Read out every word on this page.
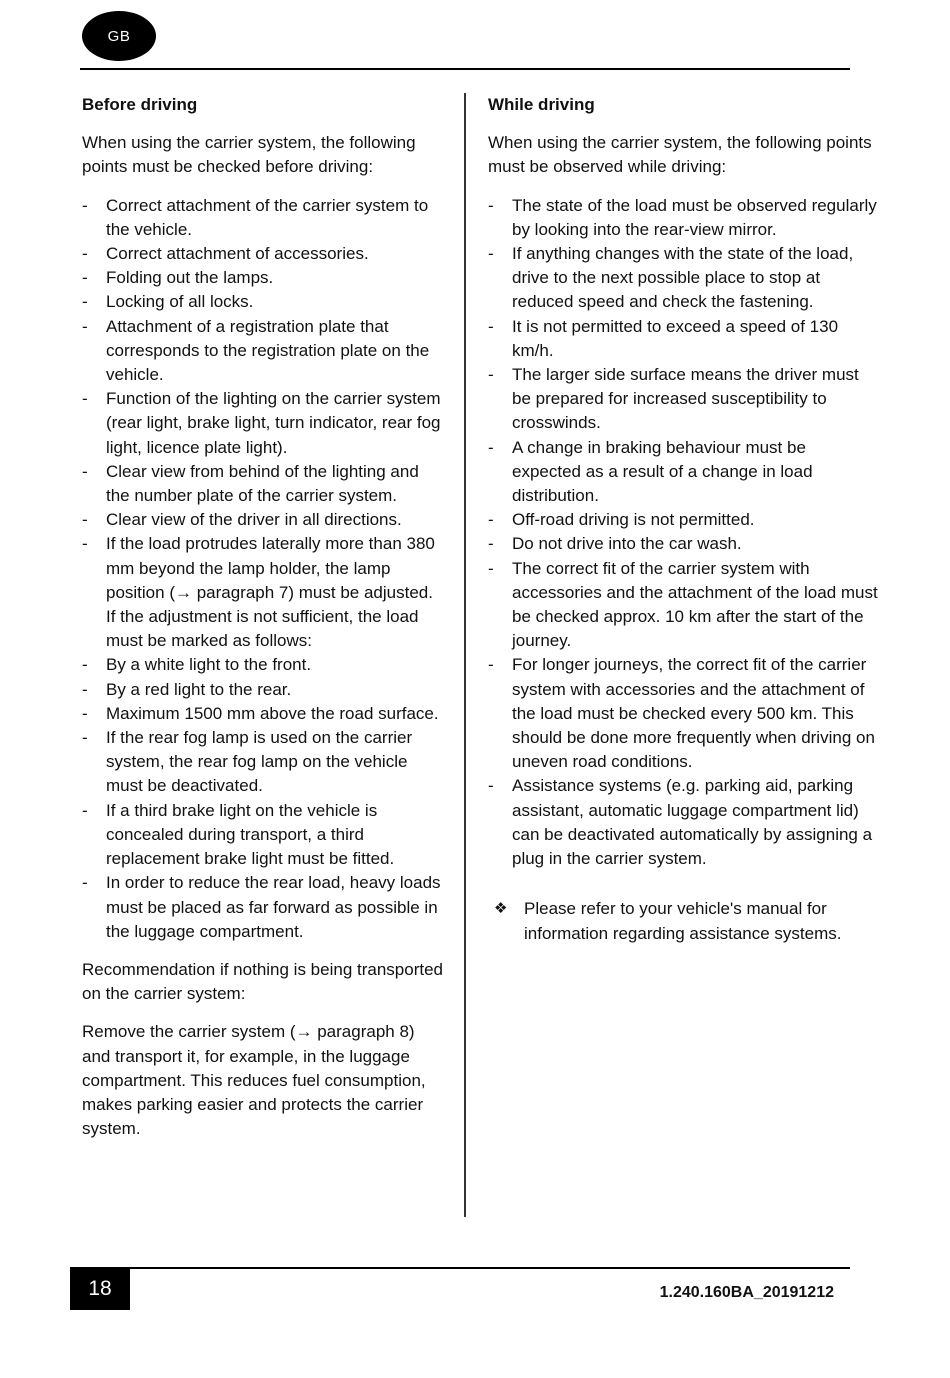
GB
Before driving

When using the carrier system, the following points must be checked before driving:

- Correct attachment of the carrier system to the vehicle.
- Correct attachment of accessories.
- Folding out the lamps.
- Locking of all locks.
- Attachment of a registration plate that corresponds to the registration plate on the vehicle.
- Function of the lighting on the carrier system (rear light, brake light, turn indicator, rear fog light, licence plate light).
- Clear view from behind of the lighting and the number plate of the carrier system.
- Clear view of the driver in all directions.
- If the load protrudes laterally more than 380 mm beyond the lamp holder, the lamp position (→ paragraph 7) must be adjusted. If the adjustment is not sufficient, the load must be marked as follows:
- By a white light to the front.
- By a red light to the rear.
- Maximum 1500 mm above the road surface.
- If the rear fog lamp is used on the carrier system, the rear fog lamp on the vehicle must be deactivated.
- If a third brake light on the vehicle is concealed during transport, a third replacement brake light must be fitted.
- In order to reduce the rear load, heavy loads must be placed as far forward as possible in the luggage compartment.

Recommendation if nothing is being transported on the carrier system:

Remove the carrier system (→ paragraph 8) and transport it, for example, in the luggage compartment. This reduces fuel consumption, makes parking easier and protects the carrier system.

While driving

When using the carrier system, the following points must be observed while driving:

- The state of the load must be observed regularly by looking into the rear-view mirror.
- If anything changes with the state of the load, drive to the next possible place to stop at reduced speed and check the fastening.
- It is not permitted to exceed a speed of 130 km/h.
- The larger side surface means the driver must be prepared for increased susceptibility to crosswinds.
- A change in braking behaviour must be expected as a result of a change in load distribution.
- Off-road driving is not permitted.
- Do not drive into the car wash.
- The correct fit of the carrier system with accessories and the attachment of the load must be checked approx. 10 km after the start of the journey.
- For longer journeys, the correct fit of the carrier system with accessories and the attachment of the load must be checked every 500 km. This should be done more frequently when driving on uneven road conditions.
- Assistance systems (e.g. parking aid, parking assistant, automatic luggage compartment lid) can be deactivated automatically by assigning a plug in the carrier system.
❖ Please refer to your vehicle's manual for information regarding assistance systems.
18	1.240.160BA_20191212
